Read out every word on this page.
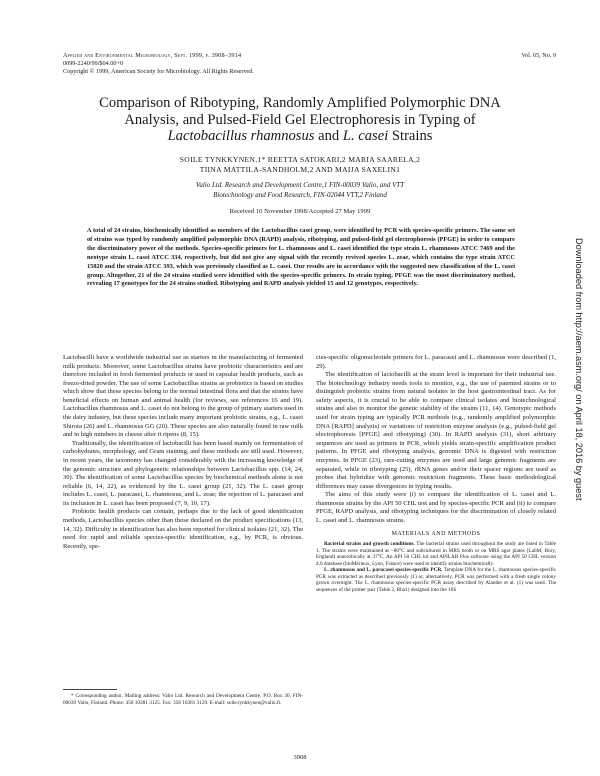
Applied and Environmental Microbiology, Sept. 1999, p. 3908–3914
0099-2240/99/$04.00+0
Copyright © 1999, American Society for Microbiology. All Rights Reserved.
Vol. 65, No. 9
Comparison of Ribotyping, Randomly Amplified Polymorphic DNA
Analysis, and Pulsed-Field Gel Electrophoresis in Typing of
Lactobacillus rhamnosus and L. casei Strains
SOILE TYNKKYNEN,1* REETTA SATOKARI,2 MARIA SAARELA,2
TIINA MATTILA-SANDHOLM,2 AND MAIJA SAXELIN1
Valio Ltd. Research and Development Centre,1 FIN-00039 Valio, and VTT
Biotechnology and Food Research, FIN-02044 VTT,2 Finland
Received 10 November 1998/Accepted 27 May 1999
A total of 24 strains, biochemically identified as members of the Lactobacillus casei group, were identified by PCR with species-specific primers. The same set of strains was typed by randomly amplified polymorphic DNA (RAPD) analysis, ribotyping, and pulsed-field gel electrophoresis (PFGE) in order to compare the discriminatory power of the methods. Species-specific primers for L. rhamnosus and L. casei identified the type strain L. rhamnosus ATCC 7469 and the neotype strain L. casei ATCC 334, respectively, but did not give any signal with the recently revived species L. zeae, which contains the type strain ATCC 15820 and the strain ATCC 393, which was previously classified as L. casei. Our results are in accordance with the suggested new classification of the L. casei group. Altogether, 21 of the 24 strains studied were identified with the species-specific primers. In strain typing, PFGE was the most discriminatory method, revealing 17 genotypes for the 24 strains studied. Ribotyping and RAPD analysis yielded 15 and 12 genotypes, respectively.

Lactobacilli have a worldwide industrial use as starters in the manufacturing of fermented milk products. Moreover, some Lactobacillus strains have probiotic characteristics and are therefore included in fresh fermented products or used in capsular health products, such as freeze-dried powder. The use of some Lactobacillus strains as probiotics is based on studies which show that these species belong to the normal intestinal flora and that the strains have beneficial effects on human and animal health (for reviews, see references 16 and 19). Lactobacillus rhamnosus and L. casei do not belong to the group of primary starters used in the dairy industry, but these species include many important probiotic strains, e.g., L. casei Shirota (26) and L. rhamnosus GG (20). These species are also naturally found in raw milk and in high numbers in cheese after it ripens (8, 15).

Traditionally, the identification of lactobacilli has been based mainly on fermentation of carbohydrates, morphology, and Gram staining, and these methods are still used. However, in recent years, the taxonomy has changed considerably with the increasing knowledge of the genomic structure and phylogenetic relationships between Lactobacillus spp. (14, 24, 30). The identification of some Lactobacillus species by biochemical methods alone is not reliable (6, 14, 22), as evidenced by the L. casei group (21, 32). The L. casei group includes L. casei, L. paracasei, L. rhamnosus, and L. zeae; the rejection of L. paracasei and its inclusion in L. casei has been proposed (7, 9, 10, 17).

Probiotic health products can contain, perhaps due to the lack of good identification methods, Lactobacillus species other than those declared on the product specifications (13, 14, 32). Difficulty in identification has also been reported for clinical isolates (21, 32). The need for rapid and reliable species-specific identification, e.g., by PCR, is obvious. Recently, spe-

* Corresponding author. Mailing address: Valio Ltd. Research and Development Centre, P.O. Box 30, FIN-00039 Valio, Finland. Phone: 358 10381 3125. Fax: 358 10381 3129. E-mail: soile.tynkkynen@valio.fi.

cies-specific oligonucleotide primers for L. paracasei and L. rhamnosus were described (1, 29).

The identification of lactobacilli at the strain level is important for their industrial use. The biotechnology industry needs tools to monitor, e.g., the use of patented strains or to distinguish probiotic strains from natural isolates in the host gastrointestinal tract. As for safety aspects, it is crucial to be able to compare clinical isolates and biotechnological strains and also to monitor the genetic stability of the strains (11, 14). Genotypic methods used for strain typing are typically PCR methods (e.g., randomly amplified polymorphic DNA [RAPD] analysis) or variations of restriction enzyme analysis (e.g., pulsed-field gel electrophoresis [PFGE] and ribotyping) (30). In RAPD analysis (31), short arbitrary sequences are used as primers in PCR, which yields strain-specific amplification product patterns. In PFGE and ribotyping analysis, genomic DNA is digested with restriction enzymes. In PFGE (23), rare-cutting enzymes are used and large genomic fragments are separated, while in ribotyping (25), rRNA genes and/or their spacer regions are used as probes that hybridize with genomic restriction fragments. These basic methodological differences may cause divergences in typing results.

The aims of this study were (i) to compare the identification of L. casei and L. rhamnosus strains by the API 50 CHL test and by species-specific PCR and (ii) to compare PFGE, RAPD analysis, and ribotyping techniques for the discrimination of closely related L. casei and L. rhamnosus strains.

MATERIALS AND METHODS

Bacterial strains and growth conditions. The bacterial strains used throughout the study are listed in Table 1. The strains were maintained at −80°C and subcultured in MRS broth or on MRS agar plates (LabM, Bury, England) anaerobically at 37°C. An API 50 CHL kit and APILAB Plus software using the API 50 CHL version 4.0 database (bioMérieux, Lyon, France) were used to identify strains biochemically.

L. rhamnosus and L. paracasei species-specific PCR. Template DNA for the L. rhamnosus species-specific PCR was extracted as described previously (1) or, alternatively, PCR was performed with a fresh single colony grown overnight. The L. rhamnosus species-specific PCR assay described by Alander et al. (1) was used. The sequences of the primer pair (Table 2, Rha1) designed into the 16S

3908
Downloaded from http://aem.asm.org/ on April 18, 2016 by guest
